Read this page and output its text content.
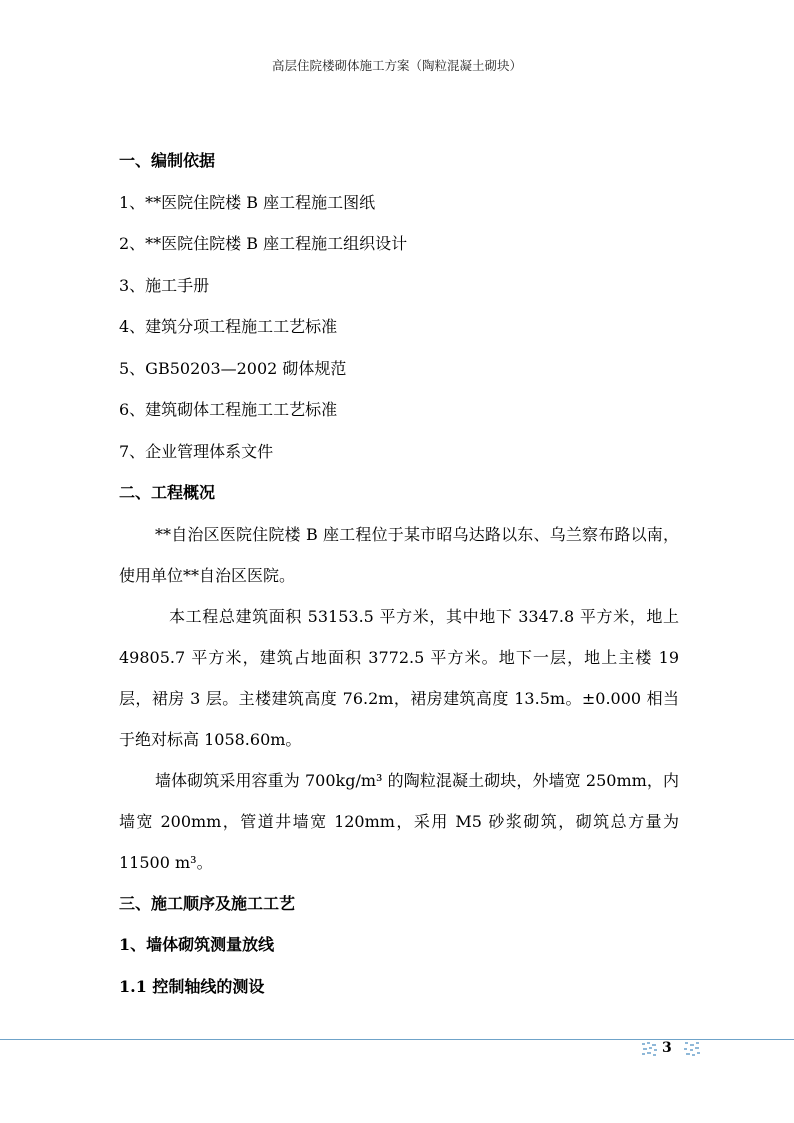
高层住院楼砌体施工方案（陶粒混凝土砌块）
一、编制依据
1、**医院住院楼 B 座工程施工图纸
2、**医院住院楼 B 座工程施工组织设计
3、施工手册
4、建筑分项工程施工工艺标准
5、GB50203—2002 砌体规范
6、建筑砌体工程施工工艺标准
7、企业管理体系文件
二、工程概况
**自治区医院住院楼 B 座工程位于某市昭乌达路以东、乌兰察布路以南，使用单位**自治区医院。
本工程总建筑面积 53153.5 平方米，其中地下 3347.8 平方米，地上 49805.7 平方米，建筑占地面积 3772.5 平方米。地下一层，地上主楼 19 层，裙房 3 层。主楼建筑高度 76.2m，裙房建筑高度 13.5m。±0.000 相当于绝对标高 1058.60m。
墙体砌筑采用容重为 700kg/m³ 的陶粒混凝土砌块，外墙宽 250mm，内墙宽 200mm，管道井墙宽 120mm，采用 M5 砂浆砌筑，砌筑总方量为 11500 m³。
三、施工顺序及施工工艺
1、墙体砌筑测量放线
1.1 控制轴线的测设
3
